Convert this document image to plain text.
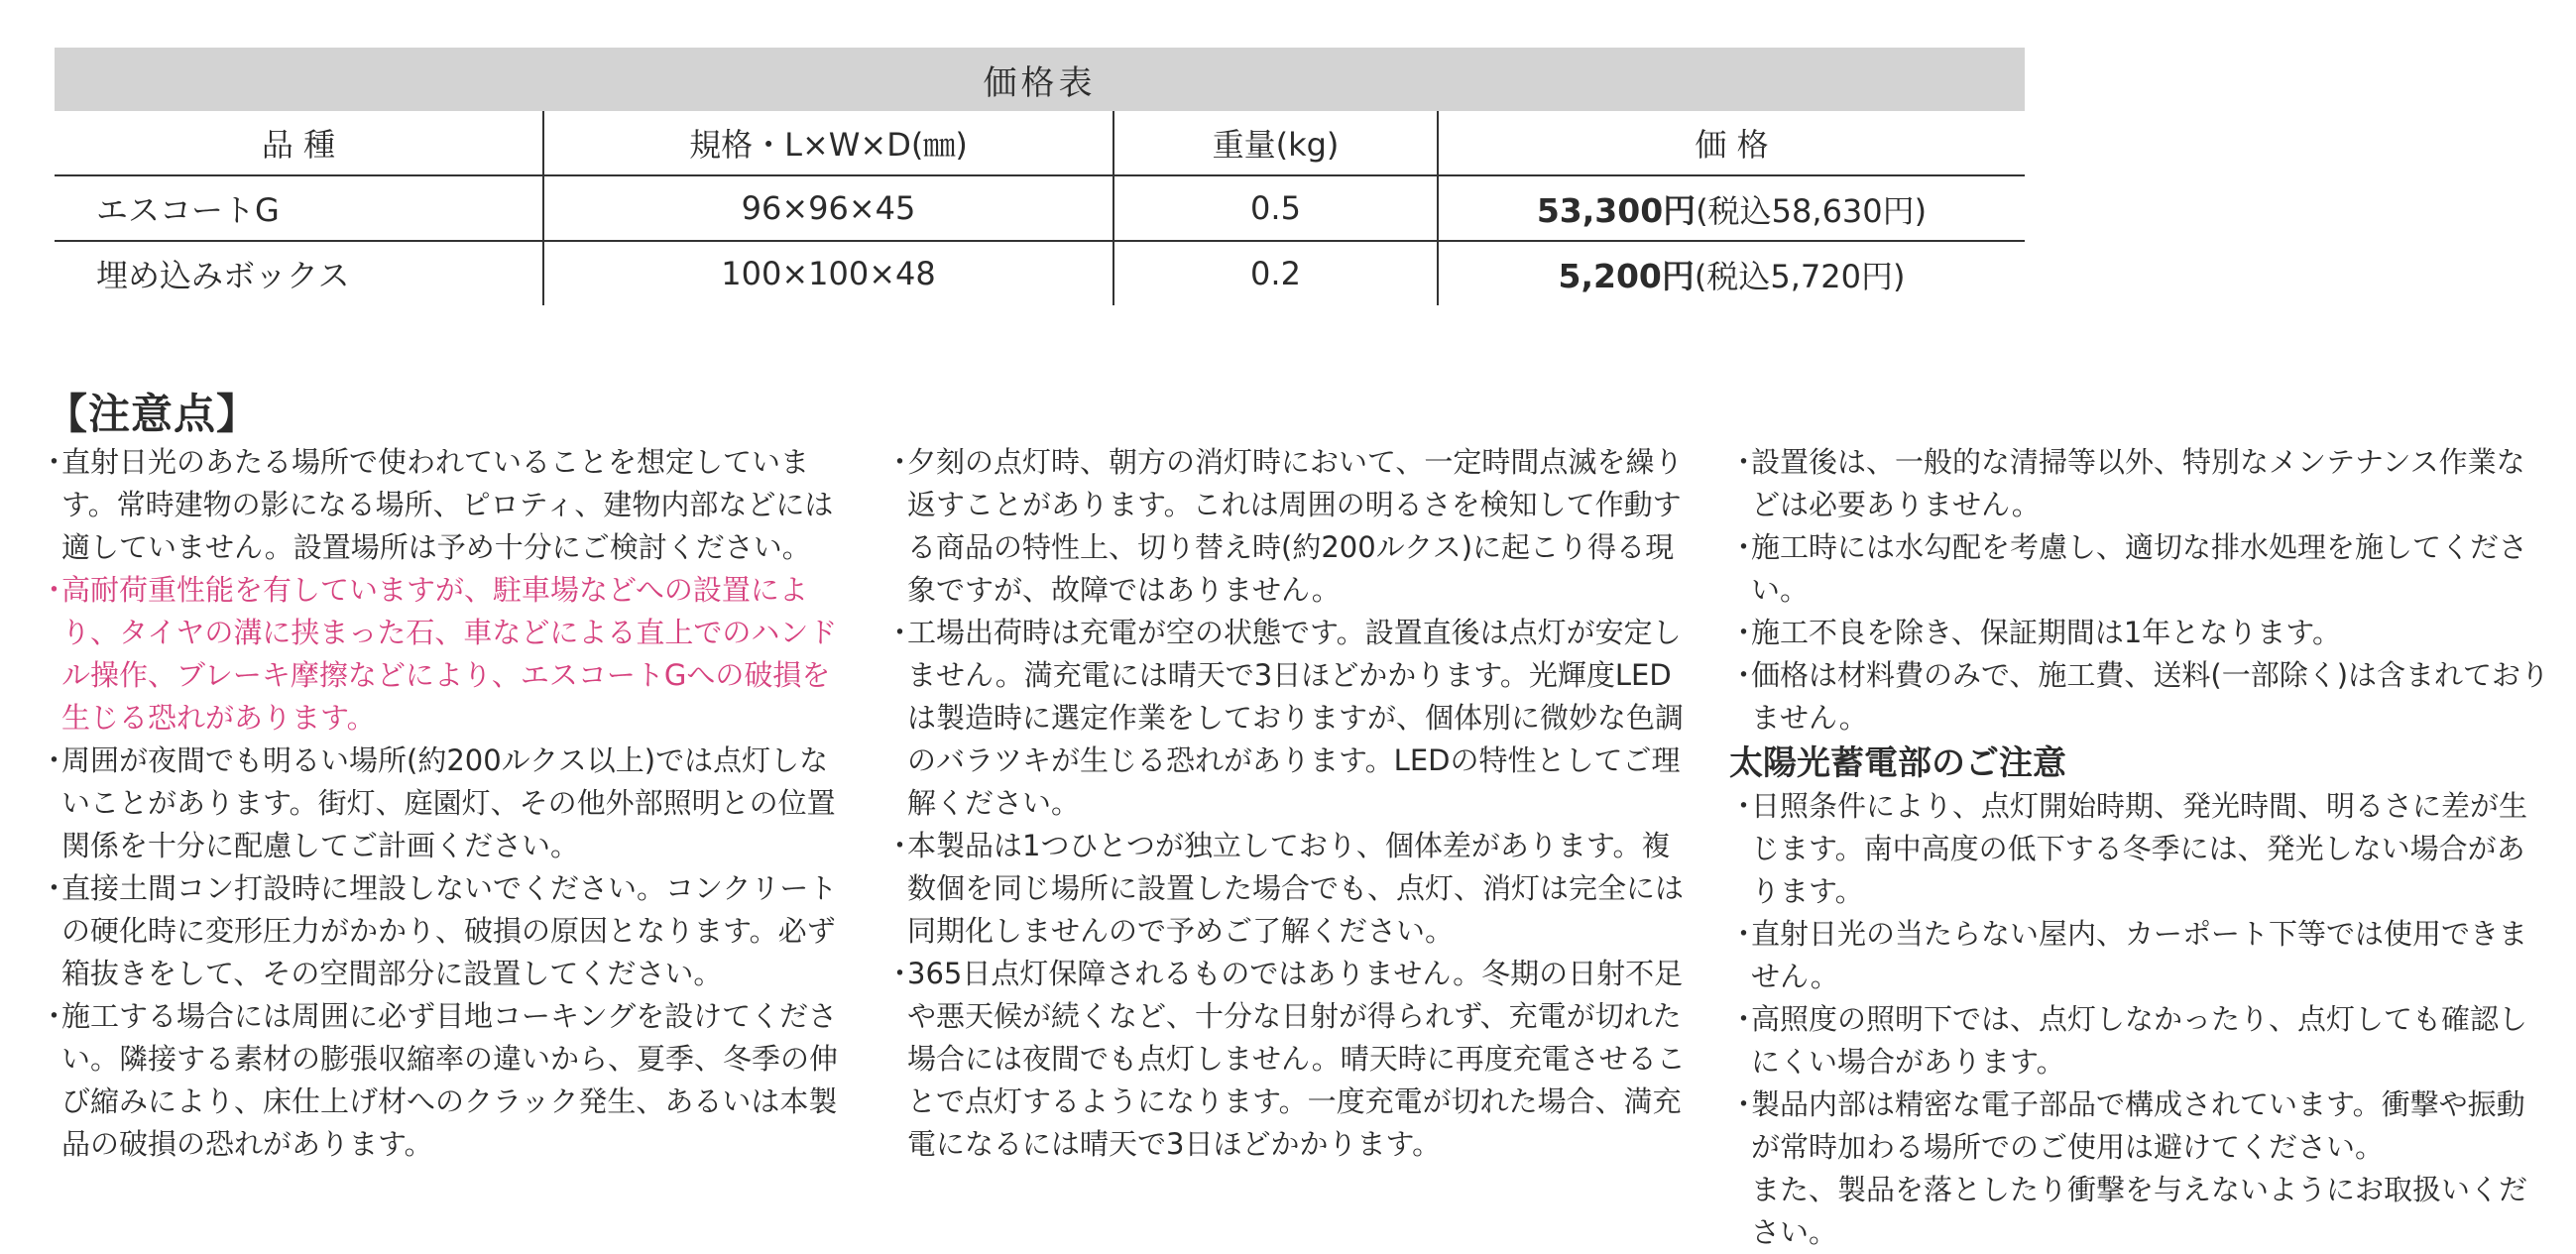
価格表			
品 種	規格・L×W×D(㎜)	重量(kg)	価 格
エスコートG	96×96×45	0.5	53,300円(税込58,630円)
埋め込みボックス	100×100×48	0.2	5,200円(税込5,720円)
【注意点】

・
直射日光のあたる場所で使われていることを想定しています。常時建物の影になる場所、ピロティ、建物内部などには適していません。設置場所は予め十分にご検討ください。

・
高耐荷重性能を有していますが、駐車場などへの設置により、タイヤの溝に挟まった石、車などによる直上でのハンドル操作、ブレーキ摩擦などにより、エスコートGへの破損を生じる恐れがあります。

・
周囲が夜間でも明るい場所(約200ルクス以上)では点灯しないことがあります。街灯、庭園灯、その他外部照明との位置関係を十分に配慮してご計画ください。

・
直接土間コン打設時に埋設しないでください。コンクリートの硬化時に変形圧力がかかり、破損の原因となります。必ず箱抜きをして、その空間部分に設置してください。

・
施工する場合には周囲に必ず目地コーキングを設けてください。隣接する素材の膨張収縮率の違いから、夏季、冬季の伸び縮みにより、床仕上げ材へのクラック発生、あるいは本製品の破損の恐れがあります。

・
夕刻の点灯時、朝方の消灯時において、一定時間点滅を繰り返すことがあります。これは周囲の明るさを検知して作動する商品の特性上、切り替え時(約200ルクス)に起こり得る現象ですが、故障ではありません。

・
工場出荷時は充電が空の状態です。設置直後は点灯が安定しません。満充電には晴天で3日ほどかかります。光輝度LEDは製造時に選定作業をしておりますが、個体別に微妙な色調のバラツキが生じる恐れがあります。LEDの特性としてご理解ください。

・
本製品は1つひとつが独立しており、個体差があります。複数個を同じ場所に設置した場合でも、点灯、消灯は完全には同期化しませんので予めご了解ください。

・
365日点灯保障されるものではありません。冬期の日射不足や悪天候が続くなど、十分な日射が得られず、充電が切れた場合には夜間でも点灯しません。晴天時に再度充電させることで点灯するようになります。一度充電が切れた場合、満充電になるには晴天で3日ほどかかります。

・
設置後は、一般的な清掃等以外、特別なメンテナンス作業などは必要ありません。

・
施工時には水勾配を考慮し、適切な排水処理を施してください。

・
施工不良を除き、保証期間は1年となります。

・
価格は材料費のみで、施工費、送料(一部除く)は含まれておりません。

太陽光蓄電部のご注意

・
日照条件により、点灯開始時期、発光時間、明るさに差が生じます。南中高度の低下する冬季には、発光しない場合があります。

・
直射日光の当たらない屋内、カーポート下等では使用できません。

・
高照度の照明下では、点灯しなかったり、点灯しても確認しにくい場合があります。

・
製品内部は精密な電子部品で構成されています。衝撃や振動が常時加わる場所でのご使用は避けてください。

また、製品を落としたり衝撃を与えないようにお取扱いください。
